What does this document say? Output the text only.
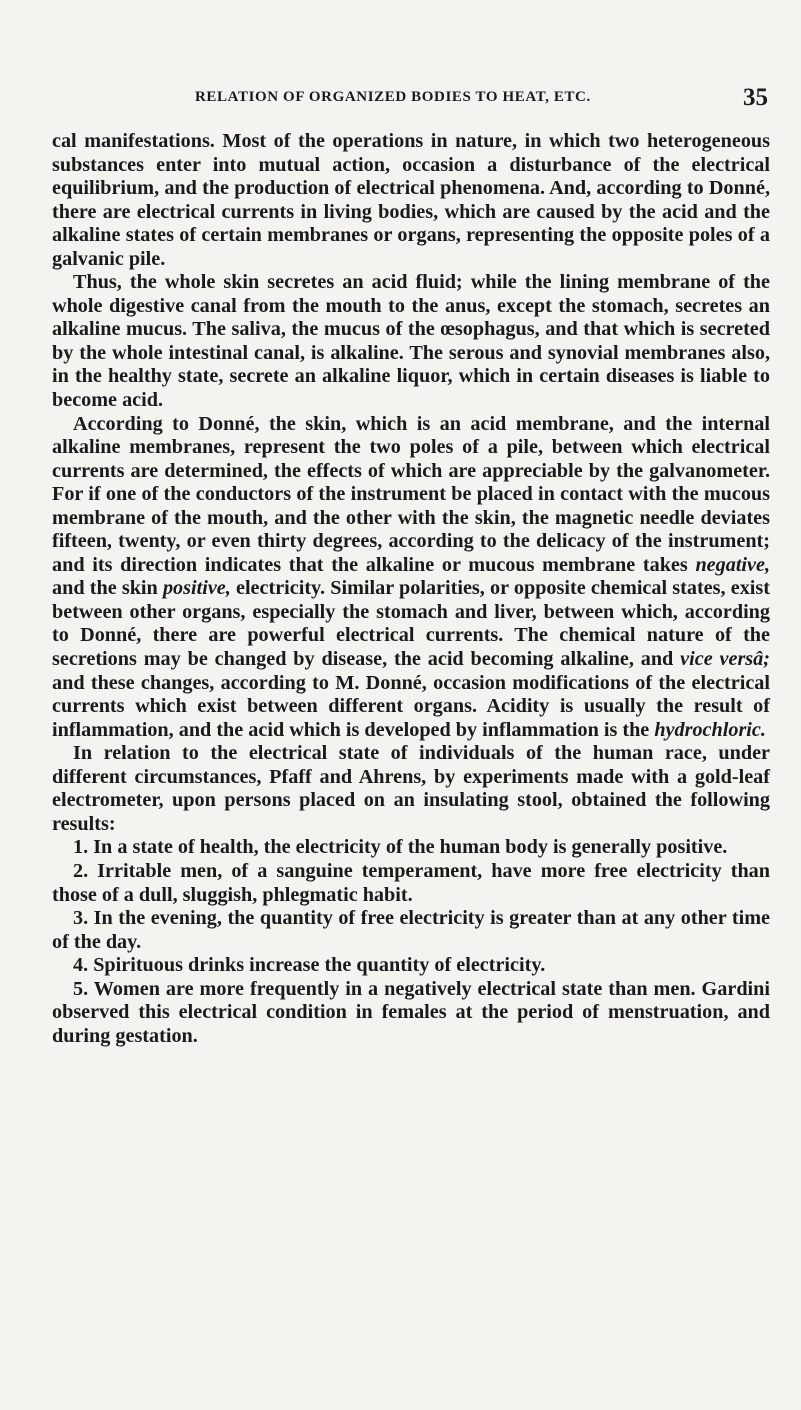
RELATION OF ORGANIZED BODIES TO HEAT, ETC.	35

cal manifestations. Most of the operations in nature, in which two heterogeneous substances enter into mutual action, occasion a disturbance of the electrical equilibrium, and the production of electrical phenomena. And, according to Donné, there are electrical currents in living bodies, which are caused by the acid and the alkaline states of certain membranes or organs, representing the opposite poles of a galvanic pile.

Thus, the whole skin secretes an acid fluid; while the lining membrane of the whole digestive canal from the mouth to the anus, except the stomach, secretes an alkaline mucus. The saliva, the mucus of the œsophagus, and that which is secreted by the whole intestinal canal, is alkaline. The serous and synovial membranes also, in the healthy state, secrete an alkaline liquor, which in certain diseases is liable to become acid.

According to Donné, the skin, which is an acid membrane, and the internal alkaline membranes, represent the two poles of a pile, between which electrical currents are determined, the effects of which are appreciable by the galvanometer. For if one of the conductors of the instrument be placed in contact with the mucous membrane of the mouth, and the other with the skin, the magnetic needle deviates fifteen, twenty, or even thirty degrees, according to the delicacy of the instrument; and its direction indicates that the alkaline or mucous membrane takes negative, and the skin positive, electricity. Similar polarities, or opposite chemical states, exist between other organs, especially the stomach and liver, between which, according to Donné, there are powerful electrical currents. The chemical nature of the secretions may be changed by disease, the acid becoming alkaline, and vice versâ; and these changes, according to M. Donné, occasion modifications of the electrical currents which exist between different organs. Acidity is usually the result of inflammation, and the acid which is developed by inflammation is the hydrochloric.

In relation to the electrical state of individuals of the human race, under different circumstances, Pfaff and Ahrens, by experiments made with a gold-leaf electrometer, upon persons placed on an insulating stool, obtained the following results:

1. In a state of health, the electricity of the human body is generally positive.

2. Irritable men, of a sanguine temperament, have more free electricity than those of a dull, sluggish, phlegmatic habit.

3. In the evening, the quantity of free electricity is greater than at any other time of the day.

4. Spirituous drinks increase the quantity of electricity.

5. Women are more frequently in a negatively electrical state than men. Gardini observed this electrical condition in females at the period of menstruation, and during gestation.
